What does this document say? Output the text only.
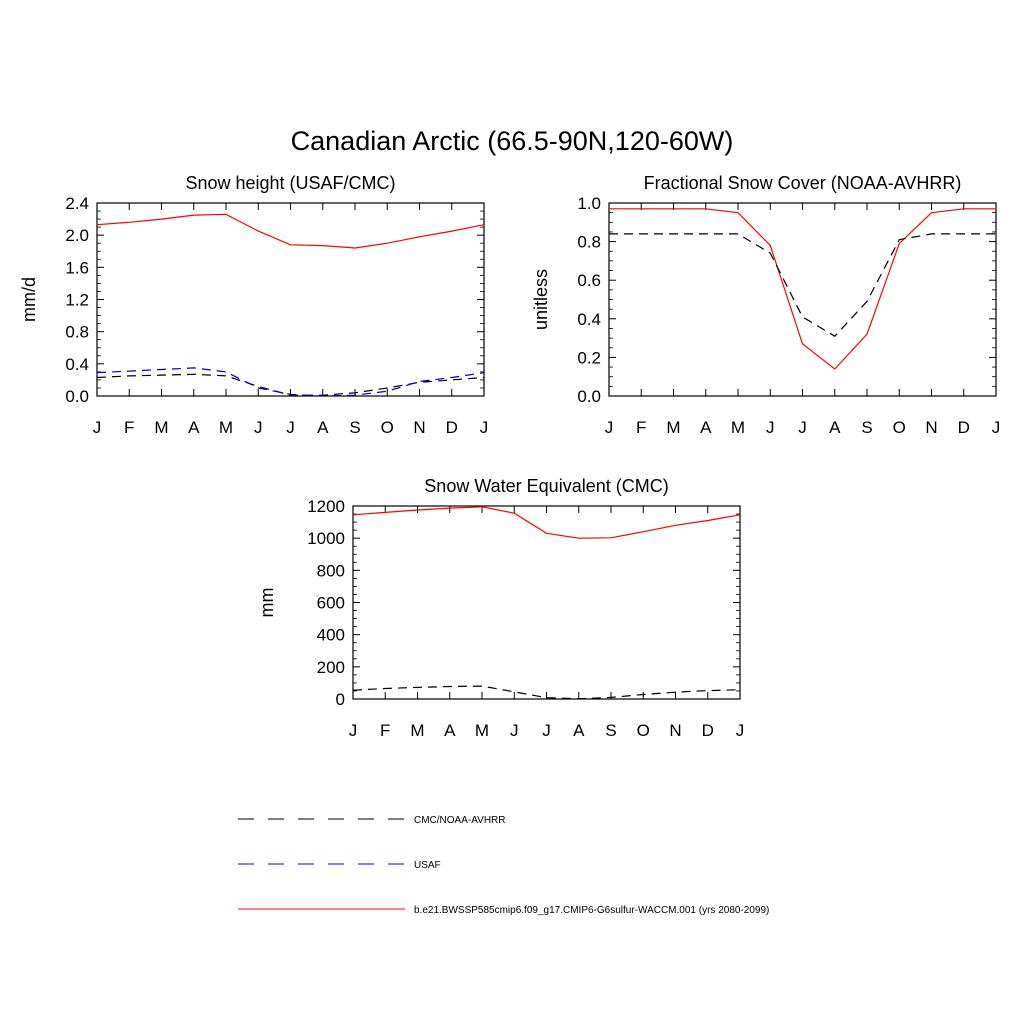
Canadian Arctic (66.5-90N,120-60W)
Snow height (USAF/CMC)
mm/d
J F M A M J J A S O N D J
0.0
0.4
0.8
1.2
1.6
2.0
2.4
Fractional Snow Cover (NOAA-AVHRR)
unitless
J F M A M J J A S O N D J
0.0
0.2
0.4
0.6
0.8
1.0
Snow Water Equivalent (CMC)
mm
J F M A M J J A S O N D J
0
200
400
600
800
1000
1200
CMC/NOAA-AVHRR
USAF
b.e21.BWSSP585cmip6.f09_g17.CMIP6-G6sulfur-WACCM.001 (yrs 2080-2099)
